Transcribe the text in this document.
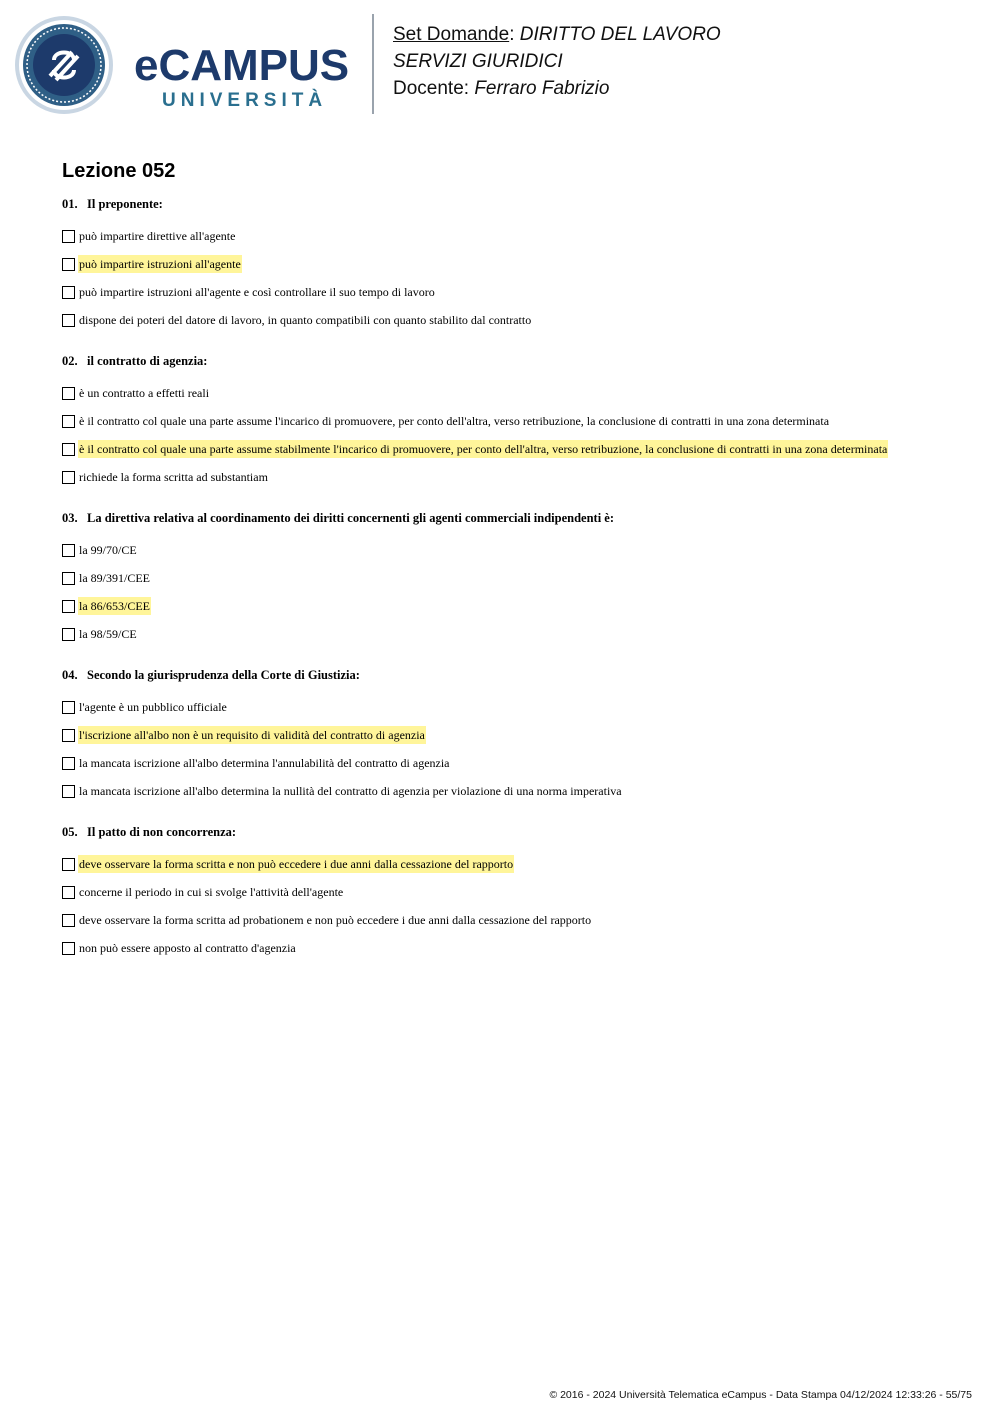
eCAMPUS
UNIVERSITÀ
Set Domande: DIRITTO DEL LAVORO
SERVIZI GIURIDICI
Docente: Ferraro Fabrizio
Lezione 052
01. Il preponente:
può impartire direttive all'agente
può impartire istruzioni all'agente
può impartire istruzioni all'agente e così controllare il suo tempo di lavoro
dispone dei poteri del datore di lavoro, in quanto compatibili con quanto stabilito dal contratto
02. il contratto di agenzia:
è un contratto a effetti reali
è il contratto col quale una parte assume l'incarico di promuovere, per conto dell'altra, verso retribuzione, la conclusione di contratti in una zona determinata
è il contratto col quale una parte assume stabilmente l'incarico di promuovere, per conto dell'altra, verso retribuzione, la conclusione di contratti in una zona determinata
richiede la forma scritta ad substantiam
03. La direttiva relativa al coordinamento dei diritti concernenti gli agenti commerciali indipendenti è:
la 99/70/CE
la 89/391/CEE
la 86/653/CEE
la 98/59/CE
04. Secondo la giurisprudenza della Corte di Giustizia:
l'agente è un pubblico ufficiale
l'iscrizione all'albo non è un requisito di validità del contratto di agenzia
la mancata iscrizione all'albo determina l'annulabilità del contratto di agenzia
la mancata iscrizione all'albo determina la nullità del contratto di agenzia per violazione di una norma imperativa
05. Il patto di non concorrenza:
deve osservare la forma scritta e non può eccedere i due anni dalla cessazione del rapporto
concerne il periodo in cui si svolge l'attività dell'agente
deve osservare la forma scritta ad probationem e non può eccedere i due anni dalla cessazione del rapporto
non può essere apposto al contratto d'agenzia
© 2016 - 2024 Università Telematica eCampus - Data Stampa 04/12/2024 12:33:26 - 55/75
